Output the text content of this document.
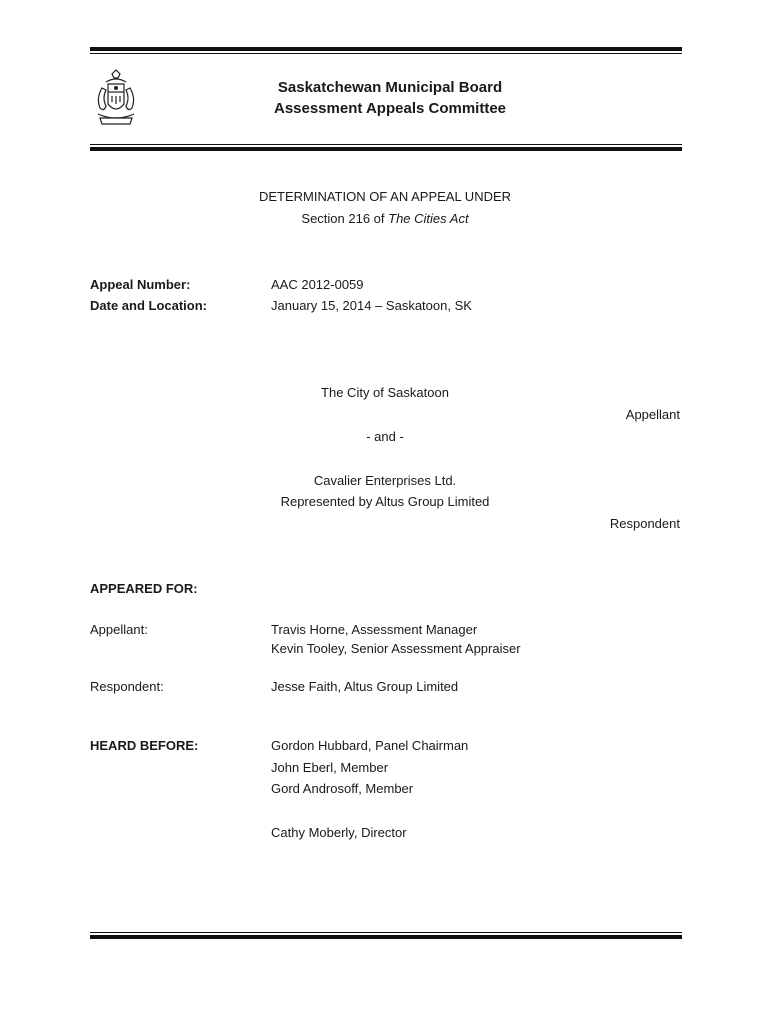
Saskatchewan Municipal Board
Assessment Appeals Committee
DETERMINATION OF AN APPEAL UNDER
Section 216 of The Cities Act
Appeal Number:	AAC 2012-0059
Date and Location:	January 15, 2014 – Saskatoon, SK
The City of Saskatoon
Appellant
- and -
Cavalier Enterprises Ltd.
Represented by Altus Group Limited
Respondent
APPEARED FOR:
Appellant:	Travis Horne, Assessment Manager
Kevin Tooley, Senior Assessment Appraiser
Respondent:	Jesse Faith, Altus Group Limited
HEARD BEFORE:	Gordon Hubbard, Panel Chairman
John Eberl, Member
Gord Androsoff, Member
Cathy Moberly, Director
